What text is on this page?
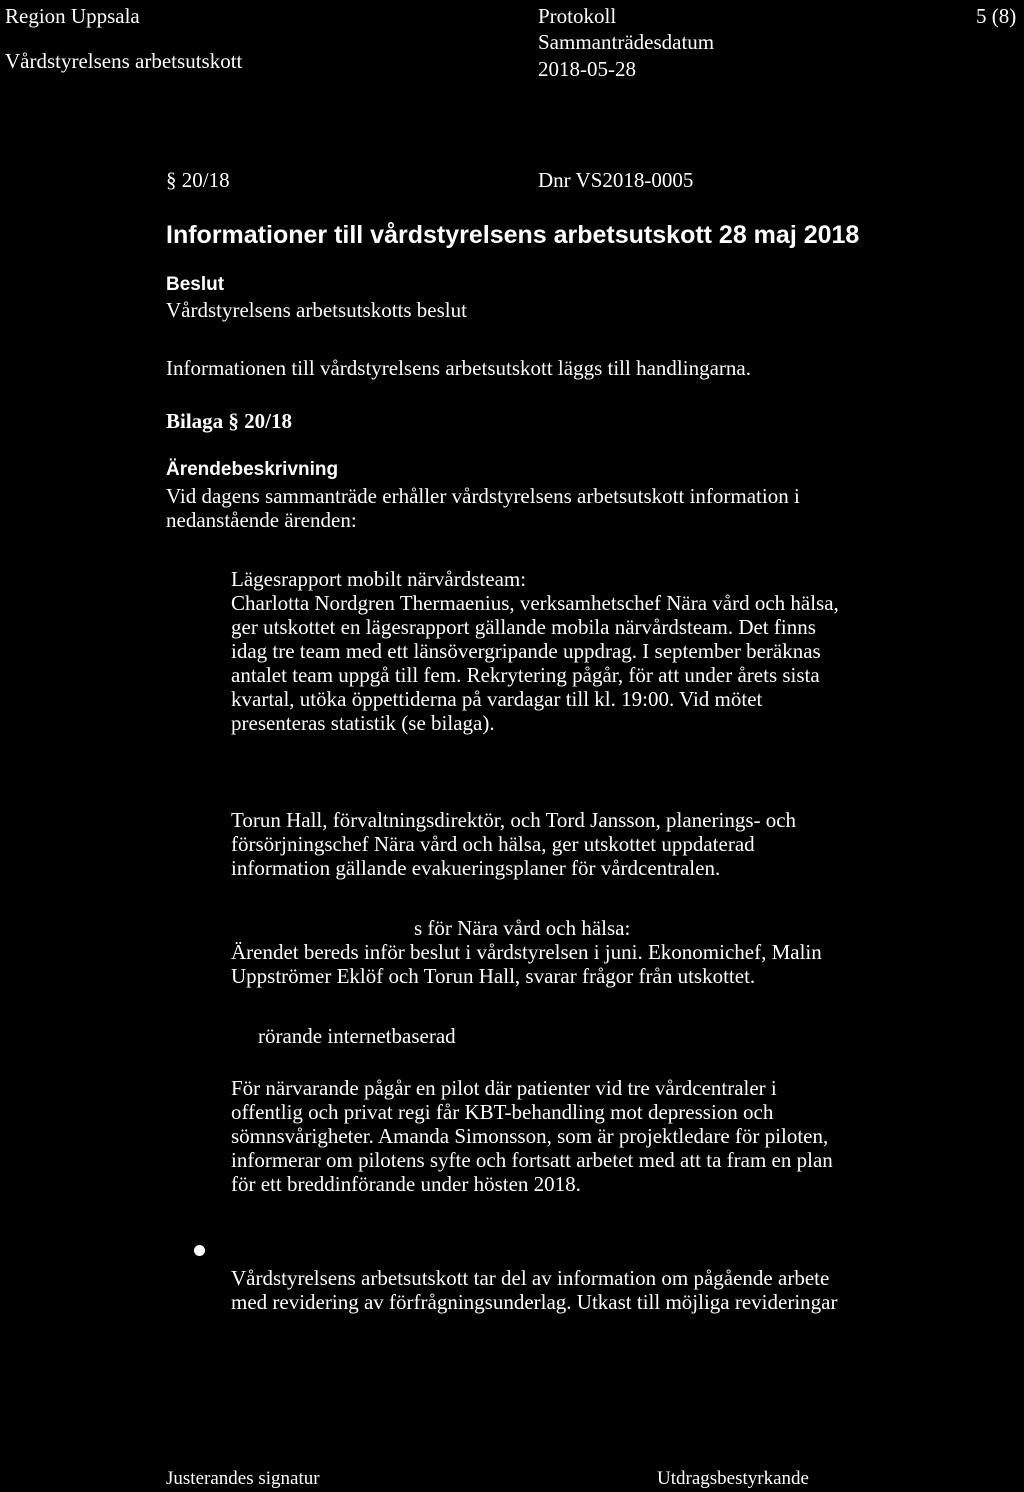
Region Uppsala
Vårdstyrelsens arbetsutskott
Protokoll
Sammanträdesdatum
2018-05-28
5 (8)
§ 20/18	Dnr VS2018-0005
Informationer till vårdstyrelsens arbetsutskott 28 maj 2018
Beslut
Vårdstyrelsens arbetsutskotts beslut
Informationen till vårdstyrelsens arbetsutskott läggs till handlingarna.
Bilaga § 20/18
Ärendebeskrivning
Vid dagens sammanträde erhåller vårdstyrelsens arbetsutskott information i
nedanstående ärenden:
Lägesrapport mobilt närvårdsteam:
Charlotta Nordgren Thermaenius, verksamhetschef Nära vård och hälsa,
ger utskottet en lägesrapport gällande mobila närvårdsteam. Det finns
idag tre team med ett länsövergripande uppdrag. I september beräknas
antalet team uppgå till fem. Rekrytering pågår, för att under årets sista
kvartal, utöka öppettiderna på vardagar till kl. 19:00. Vid mötet
presenteras statistik (se bilaga).
Torun Hall, förvaltningsdirektör, och Tord Jansson, planerings- och
försörjningschef Nära vård och hälsa, ger utskottet uppdaterad
information gällande evakueringsplaner för vårdcentralen.
s för Nära vård och hälsa:
Ärendet bereds inför beslut i vårdstyrelsen i juni. Ekonomichef, Malin
Uppströmer Eklöf och Torun Hall, svarar frågor från utskottet.
rörande internetbaserad
För närvarande pågår en pilot där patienter vid tre vårdcentraler i
offentlig och privat regi får KBT-behandling mot depression och
sömnsvårigheter. Amanda Simonsson, som är projektledare för piloten,
informerar om pilotens syfte och fortsatt arbetet med att ta fram en plan
för ett breddinförande under hösten 2018.
Vårdstyrelsens arbetsutskott tar del av information om pågående arbete
med revidering av förfrågningsunderlag. Utkast till möjliga revideringar
Justerandes signatur	Utdragsbestyrkande
